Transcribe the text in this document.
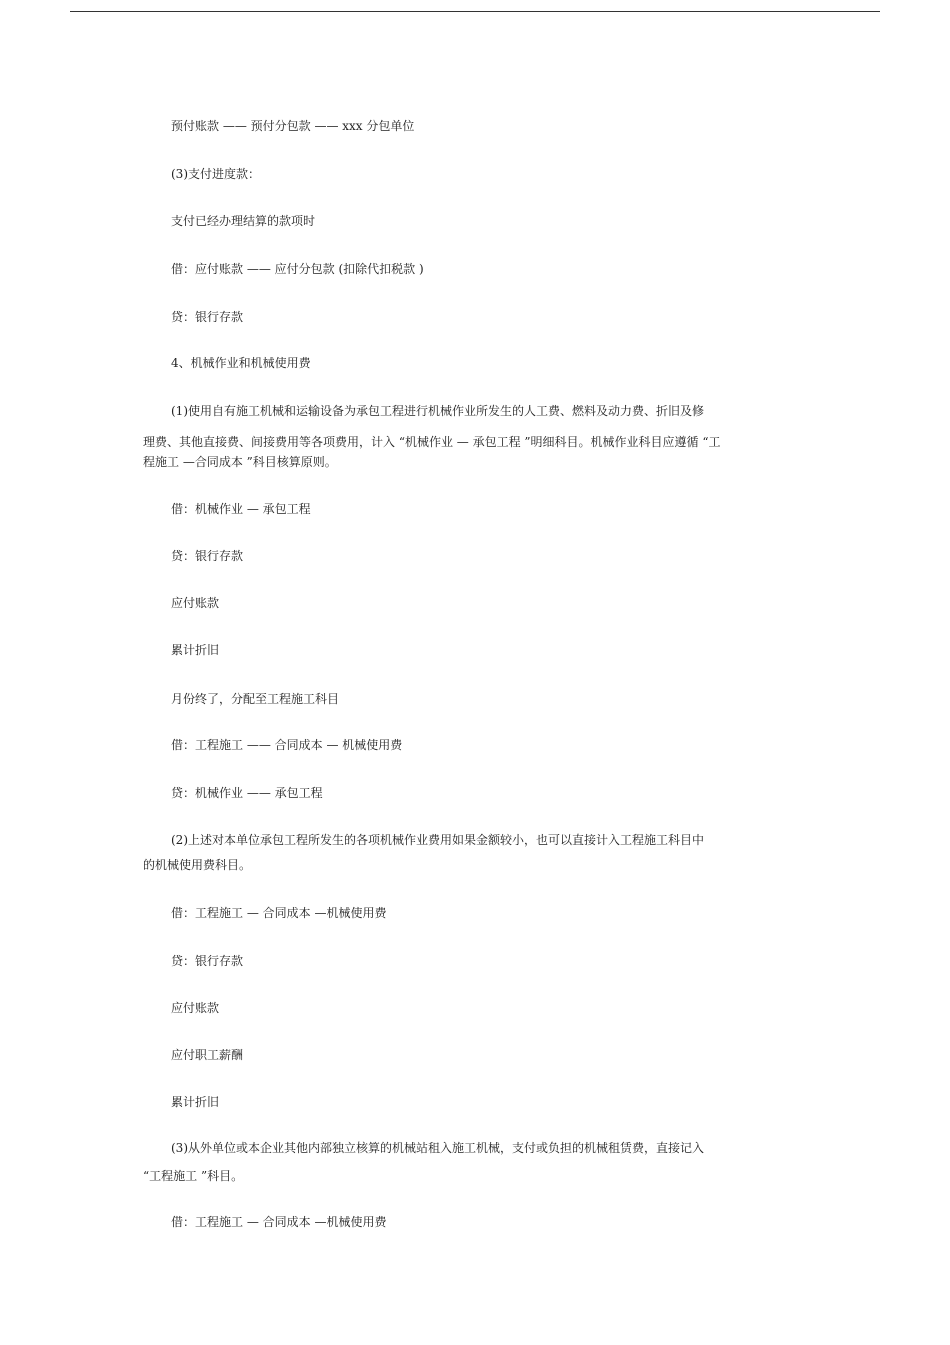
预付账款 —— 预付分包款 —— xxx 分包单位
(3)支付进度款：
支付已经办理结算的款项时
借：应付账款 —— 应付分包款 (扣除代扣税款 )
贷：银行存款
4、机械作业和机械使用费
(1)使用自有施工机械和运输设备为承包工程进行机械作业所发生的人工费、燃料及动力费、折旧及修
理费、其他直接费、间接费用等各项费用，计入 “机械作业 — 承包工程 ”明细科目。机械作业科目应遵循 “工
程施工 —合同成本 ”科目核算原则。
借：机械作业 — 承包工程
贷：银行存款
应付账款
累计折旧
月份终了，分配至工程施工科目
借：工程施工 —— 合同成本 — 机械使用费
贷：机械作业 —— 承包工程
(2)上述对本单位承包工程所发生的各项机械作业费用如果金额较小，也可以直接计入工程施工科目中
的机械使用费科目。
借：工程施工 — 合同成本 —机械使用费
贷：银行存款
应付账款
应付职工薪酬
累计折旧
(3)从外单位或本企业其他内部独立核算的机械站租入施工机械，支付或负担的机械租赁费，直接记入
“工程施工 ”科目。
借：工程施工 — 合同成本 —机械使用费
